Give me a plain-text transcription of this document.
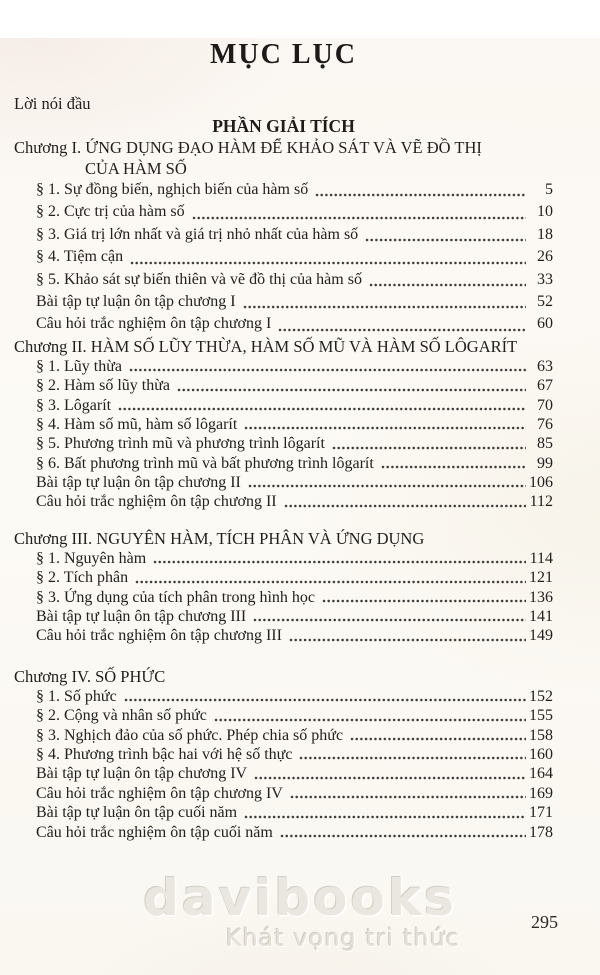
davibooks
Khát vọng tri thức
MỤC LỤC
Lời nói đầu
PHẦN GIẢI TÍCH
Chương I. ỨNG DỤNG ĐẠO HÀM ĐỂ KHẢO SÁT VÀ VẼ ĐỒ THỊ
CỦA HÀM SỐ
§ 1. Sự đồng biến, nghịch biến của hàm số	5
§ 2. Cực trị của hàm số	10
§ 3. Giá trị lớn nhất và giá trị nhỏ nhất của hàm số	18
§ 4. Tiệm cận	26
§ 5. Khảo sát sự biến thiên và vẽ đồ thị của hàm số	33
Bài tập tự luận ôn tập chương I	52
Câu hỏi trắc nghiệm ôn tập chương I	60
Chương II. HÀM SỐ LŨY THỪA, HÀM SỐ MŨ VÀ HÀM SỐ LÔGARÍT
§ 1. Lũy thừa	63
§ 2. Hàm số lũy thừa	67
§ 3. Lôgarít	70
§ 4. Hàm số mũ, hàm số lôgarít	76
§ 5. Phương trình mũ và phương trình lôgarít	85
§ 6. Bất phương trình mũ và bất phương trình lôgarít	99
Bài tập tự luận ôn tập chương II	106
Câu hỏi trắc nghiệm ôn tập chương II	112
Chương III. NGUYÊN HÀM, TÍCH PHÂN VÀ ỨNG DỤNG
§ 1. Nguyên hàm	114
§ 2. Tích phân	121
§ 3. Ứng dụng của tích phân trong hình học	136
Bài tập tự luận ôn tập chương III	141
Câu hỏi trắc nghiệm ôn tập chương III	149
Chương IV. SỐ PHỨC
§ 1. Số phức	152
§ 2. Cộng và nhân số phức	155
§ 3. Nghịch đảo của số phức. Phép chia số phức	158
§ 4. Phương trình bậc hai với hệ số thực	160
Bài tập tự luận ôn tập chương IV	164
Câu hỏi trắc nghiệm ôn tập chương IV	169
Bài tập tự luận ôn tập cuối năm	171
Câu hỏi trắc nghiệm ôn tập cuối năm	178
295
